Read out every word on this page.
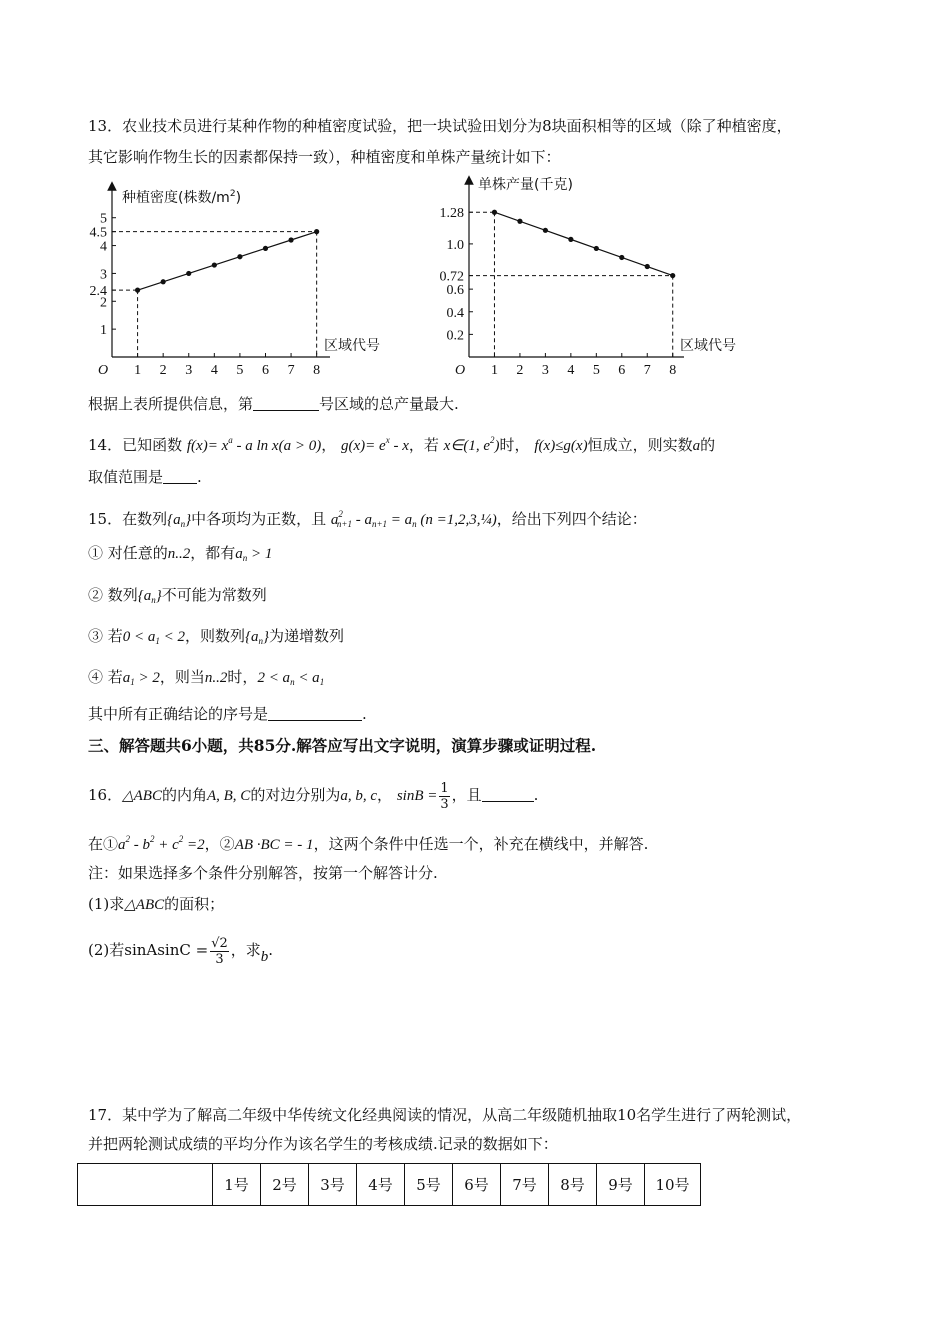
13．农业技术员进行某种作物的种植密度试验，把一块试验田划分为8块面积相等的区域（除了种植密度，
其它影响作物生长的因素都保持一致），种植密度和单株产量统计如下：
种植密度(株数$/m^2$)
区域代号
O
1
2
2.4
3
4
4.5
5
1 2 3 4 5 6 7 8
单株产量(千克)
区域代号
O
0.2
0.4
0.6
0.72
1.0
1.28
1 2 3 4 5 6 7 8
根据上表所提供信息，第	号区域的总产量最大.
14．已知函数 $f(x)= x^a - a$ ln x(a > 0)， $g(x)= e^x - x$，若 x∈(1, $e^2$)时， f(x)≤g(x)恒成立，则实数a的
取值范围是 .
15．在数列$\{a_n\}$中各项均为正数，且 $a^2_{n+1} - a_{n+1} = a_n$ (n =1,2,3,¼)，给出下列四个结论：
① 对任意的n..2，都有$a_n > 1$
② 数列$\{a_n\}$不可能为常数列
③ 若$0 < a_1 < 2$，则数列$\{a_n\}$为递增数列
④ 若$a_1 > 2$，则当n..2时，$2 < a_n < a_1$
其中所有正确结论的序号是	.
三、解答题共6小题，共85分.解答应写出文字说明，演算步骤或证明过程.
16．△ABC的内角A, B, C的对边分别为a, b, c， $\sin B = \frac{1}{3}$ ，且	.
在$①a^2 - b^2 + c^2 =2$，②AB ·BC = - 1，这两个条件中任选一个，补充在横线中，并解答.
注：如果选择多个条件分别解答，按第一个解答计分.
(1)求△ABC的面积；
(2)若sinAsinC = $\frac{√2}{3}$ ，求b.
17．某中学为了解高二年级中华传统文化经典阅读的情况，从高二年级随机抽取10名学生进行了两轮测试，
并把两轮测试成绩的平均分作为该名学生的考核成绩.记录的数据如下：
	1号	2号	3号	4号	5号	6号	7号	8号	9号	10号
